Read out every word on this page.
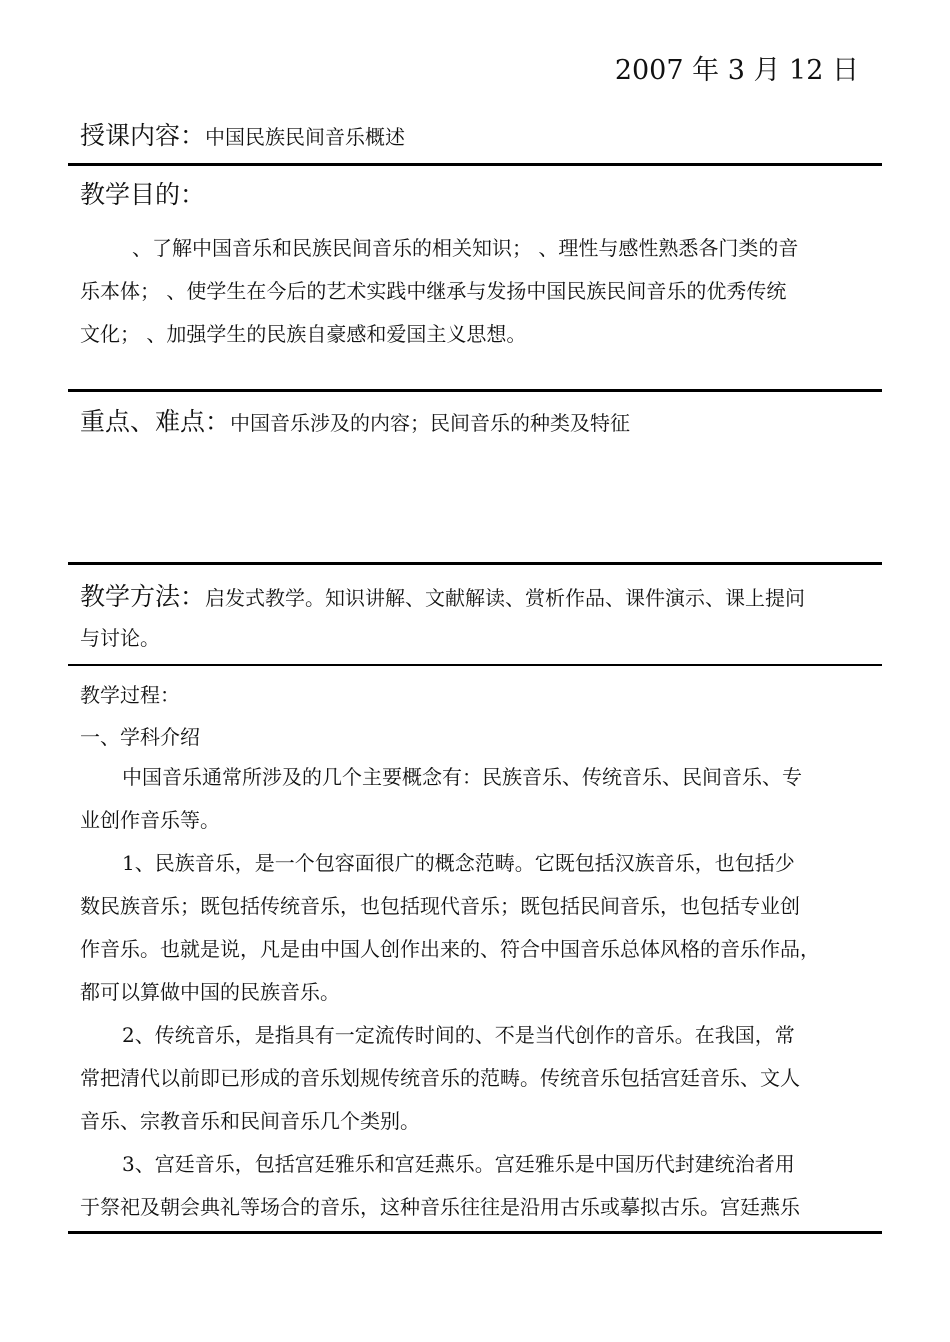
2007 年 3 月 12 日
授课内容：中国民族民间音乐概述
教学目的：
、了解中国音乐和民族民间音乐的相关知识； 、理性与感性熟悉各门类的音
乐本体； 、使学生在今后的艺术实践中继承与发扬中国民族民间音乐的优秀传统
文化； 、加强学生的民族自豪感和爱国主义思想。
重点、难点：中国音乐涉及的内容；民间音乐的种类及特征
教学方法：启发式教学。知识讲解、文献解读、赏析作品、课件演示、课上提问
与讨论。
教学过程：
一、学科介绍
中国音乐通常所涉及的几个主要概念有：民族音乐、传统音乐、民间音乐、专
业创作音乐等。
1、民族音乐，是一个包容面很广的概念范畴。它既包括汉族音乐，也包括少
数民族音乐；既包括传统音乐，也包括现代音乐；既包括民间音乐，也包括专业创
作音乐。也就是说，凡是由中国人创作出来的、符合中国音乐总体风格的音乐作品，
都可以算做中国的民族音乐。
2、传统音乐，是指具有一定流传时间的、不是当代创作的音乐。在我国，常
常把清代以前即已形成的音乐划规传统音乐的范畴。传统音乐包括宫廷音乐、文人
音乐、宗教音乐和民间音乐几个类别。
3、宫廷音乐，包括宫廷雅乐和宫廷燕乐。宫廷雅乐是中国历代封建统治者用
于祭祀及朝会典礼等场合的音乐，这种音乐往往是沿用古乐或摹拟古乐。宫廷燕乐
